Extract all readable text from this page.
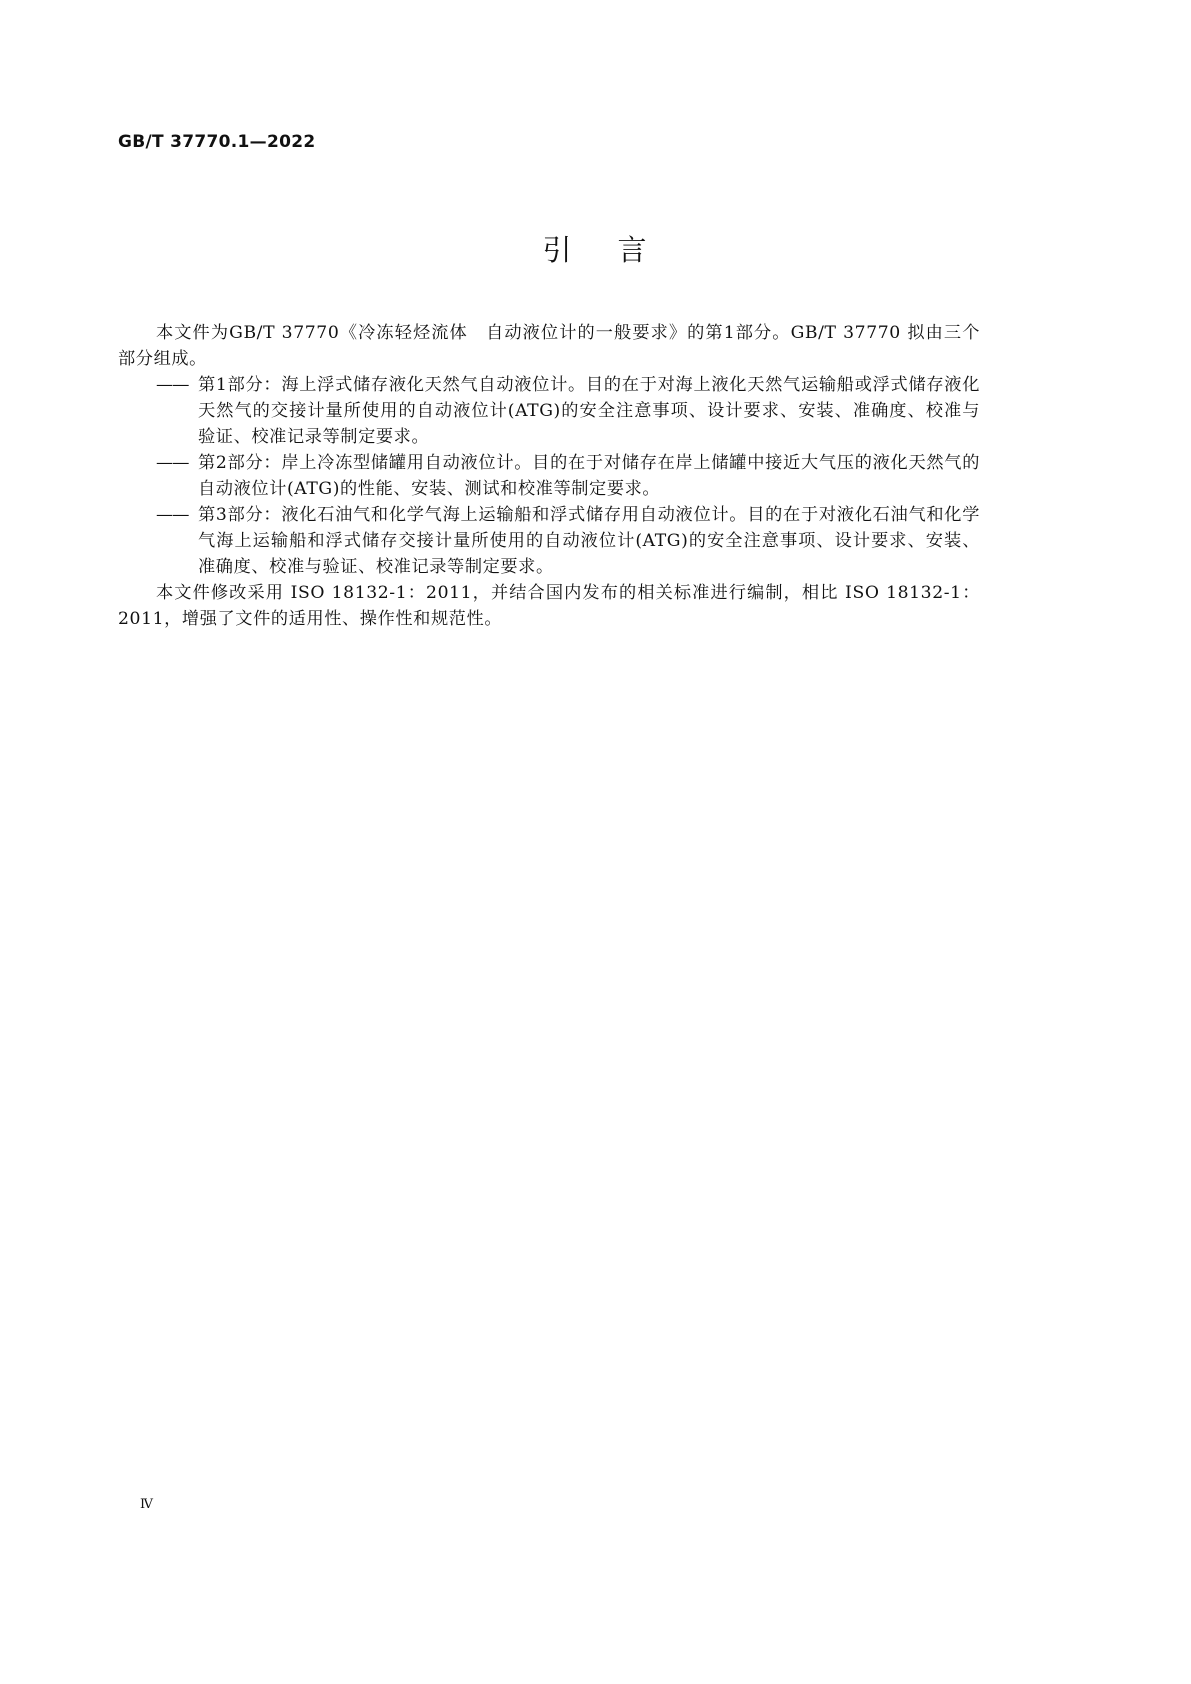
GB/T 37770.1—2022
引 言

本文件为GB/T 37770《冷冻轻烃流体　自动液位计的一般要求》的第1部分。GB/T 37770 拟由三个部分组成。

—— 第1部分：海上浮式储存液化天然气自动液位计。目的在于对海上液化天然气运输船或浮式储存液化天然气的交接计量所使用的自动液位计(ATG)的安全注意事项、设计要求、安装、准确度、校准与验证、校准记录等制定要求。

—— 第2部分：岸上冷冻型储罐用自动液位计。目的在于对储存在岸上储罐中接近大气压的液化天然气的自动液位计(ATG)的性能、安装、测试和校准等制定要求。

—— 第3部分：液化石油气和化学气海上运输船和浮式储存用自动液位计。目的在于对液化石油气和化学气海上运输船和浮式储存交接计量所使用的自动液位计(ATG)的安全注意事项、设计要求、安装、准确度、校准与验证、校准记录等制定要求。

本文件修改采用 ISO 18132-1：2011，并结合国内发布的相关标准进行编制，相比 ISO 18132-1：2011，增强了文件的适用性、操作性和规范性。

Ⅳ
